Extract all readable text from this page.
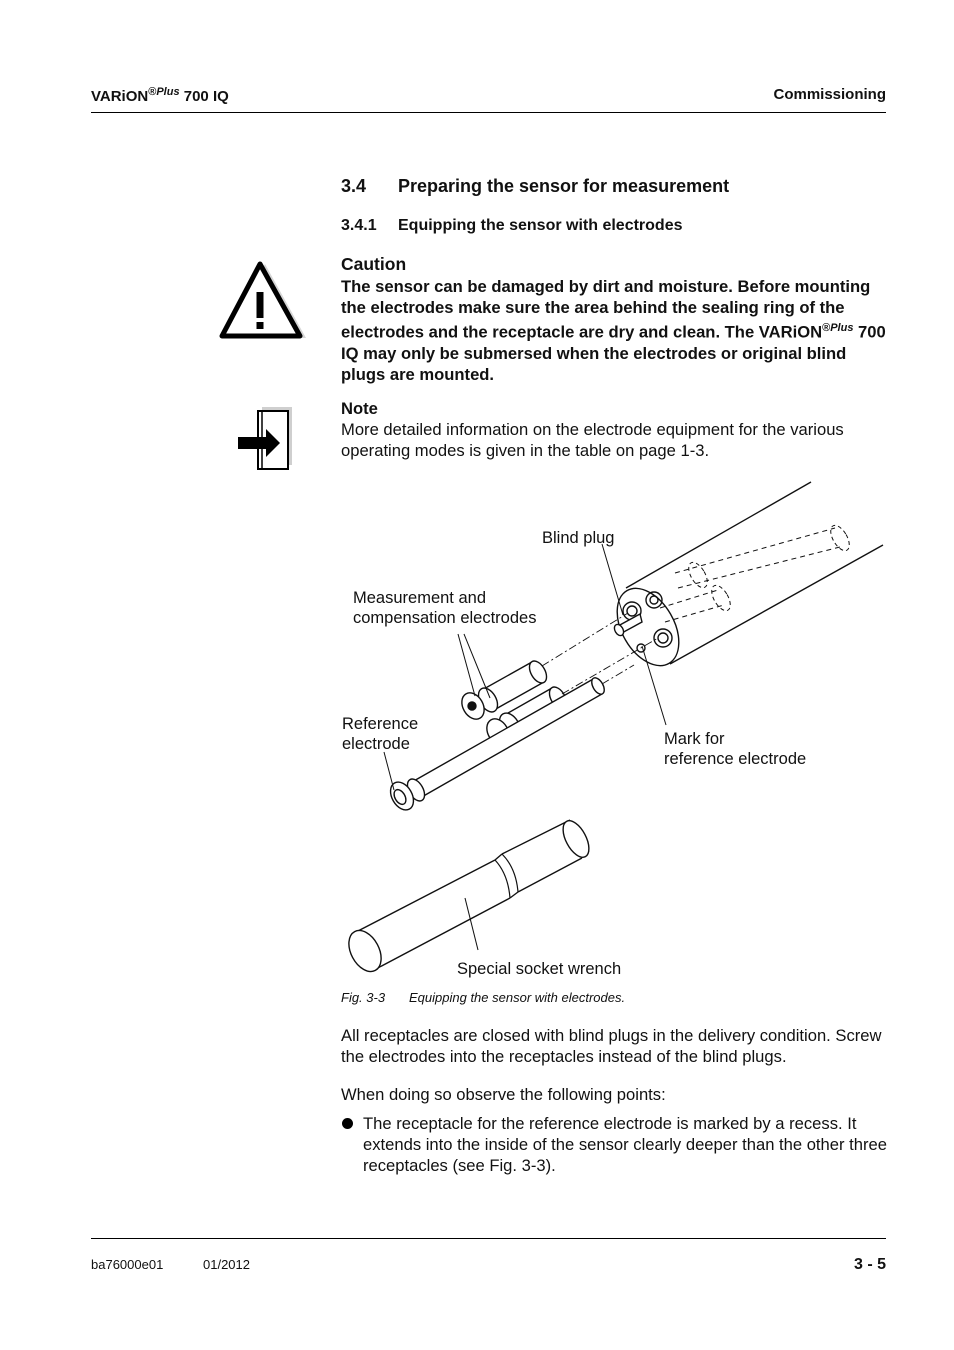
VARiON$^{®Plus}$ 700 IQ	Commissioning
3.4 Preparing the sensor for measurement
3.4.1 Equipping the sensor with electrodes
Caution
The sensor can be damaged by dirt and moisture. Before mounting the electrodes make sure the area behind the sealing ring of the electrodes and the receptacle are dry and clean. The VARiON$^{®Plus}$ 700 IQ may only be submersed when the electrodes or original blind plugs are mounted.
Note
More detailed information on the electrode equipment for the various operating modes is given in the table on page 1-3.
Blind plug
Measurement and
compensation electrodes
Reference
electrode	Mark for
reference electrode
Special socket wrench
Fig. 3-3 Equipping the sensor with electrodes.
All receptacles are closed with blind plugs in the delivery condition. Screw the electrodes into the receptacles instead of the blind plugs.
When doing so observe the following points:
The receptacle for the reference electrode is marked by a recess. It extends into the inside of the sensor clearly deeper than the other three receptacles (see Fig. 3-3).
ba76000e01	01/2012	3 - 5
